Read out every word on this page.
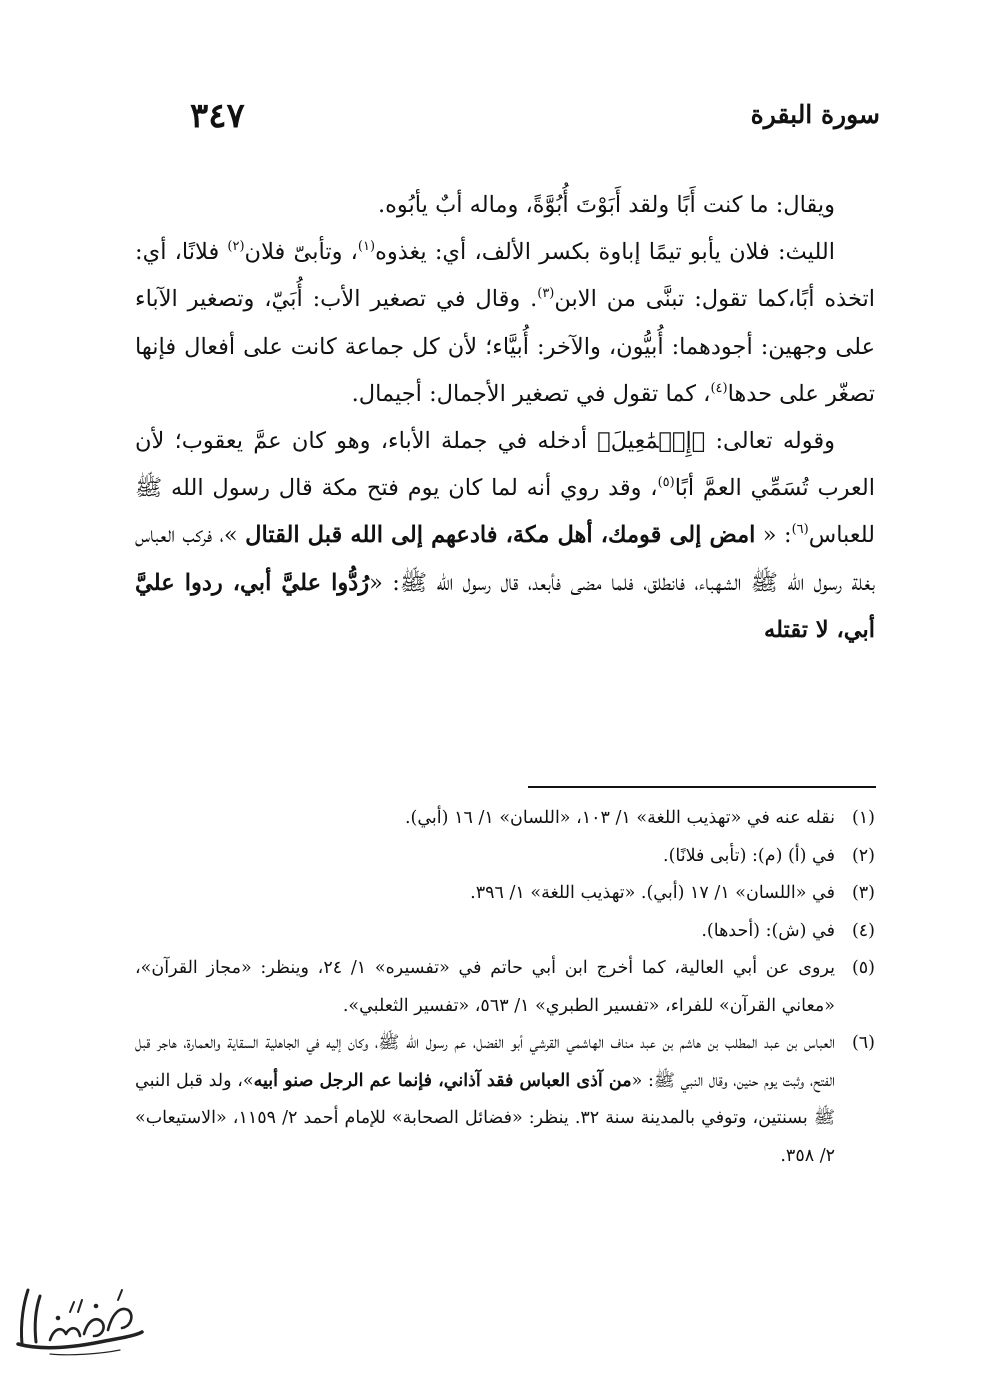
سورة البقرة
٣٤٧

ويقال: ما كنت أَبًا ولقد أَبَوْتَ أُبُوَّةً، وماله أبٌ يأبُوه.

الليث: فلان يأبو تيمًا إباوة بكسر الألف، أي: يغذوه$^{(١)}$، وتأبىّ فلان$^{(٢)}$ فلانًا، أي: اتخذه أبًا،كما تقول: تبنَّى من الابن$^{(٣)}$. وقال في تصغير الأب: أُبَيّ، وتصغير الآباء على وجهين: أجودهما: أُبيُّون، والآخر: أُبيَّاء؛ لأن كل جماعة كانت على أفعال فإنها تصغّر على حدها$^{(٤)}$، كما تقول في تصغير الأجمال: أجيمال.

وقوله تعالى: ﴿إِسۡمَٰعِيلَ﴾ أدخله في جملة الأباء، وهو كان عمَّ يعقوب؛ لأن العرب تُسَمِّي العمَّ أبًا$^{(٥)}$، وقد روي أنه لما كان يوم فتح مكة قال رسول الله ﷺ للعباس$^{(٦)}$: « امض إلى قومك، أهل مكة، فادعهم إلى الله قبل القتال »، فركب العباس بغلة رسول الله ﷺ الشهباء، فانطلق، فلما مضى فأبعد، قال رسول الله ﷺ: «رُدُّوا عليَّ أبي، ردوا عليَّ أبي، لا تقتله

(١)
نقله عنه في «تهذيب اللغة» ١/ ١٠٣، «اللسان» ١/ ١٦ (أبي).
(٢)
في (أ) (م): (تأبى فلانًا).
(٣)
في «اللسان» ١/ ١٧ (أبي). «تهذيب اللغة» ١/ ٣٩٦.
(٤)
في (ش): (أحدها).
(٥)
يروى عن أبي العالية، كما أخرج ابن أبي حاتم في «تفسيره» ١/ ٢٤، وينظر: «مجاز القرآن»، «معاني القرآن» للفراء، «تفسير الطبري» ١/ ٥٦٣، «تفسير الثعلبي».
(٦)
العباس بن عبد المطلب بن هاشم بن عبد مناف الهاشمي القرشي أبو الفضل، عم رسول الله ﷺ، وكان إليه في الجاهلية السقاية والعمارة، هاجر قبل الفتح، وثبت يوم حنين، وقال النبي ﷺ: «من آذى العباس فقد آذاني، فإنما عم الرجل صنو أبيه»، ولد قبل النبي ﷺ بسنتين، وتوفي بالمدينة سنة ٣٢. ينظر: «فضائل الصحابة» للإمام أحمد ٢/ ١١٥٩، «الاستيعاب» ٢/ ٣٥٨.
